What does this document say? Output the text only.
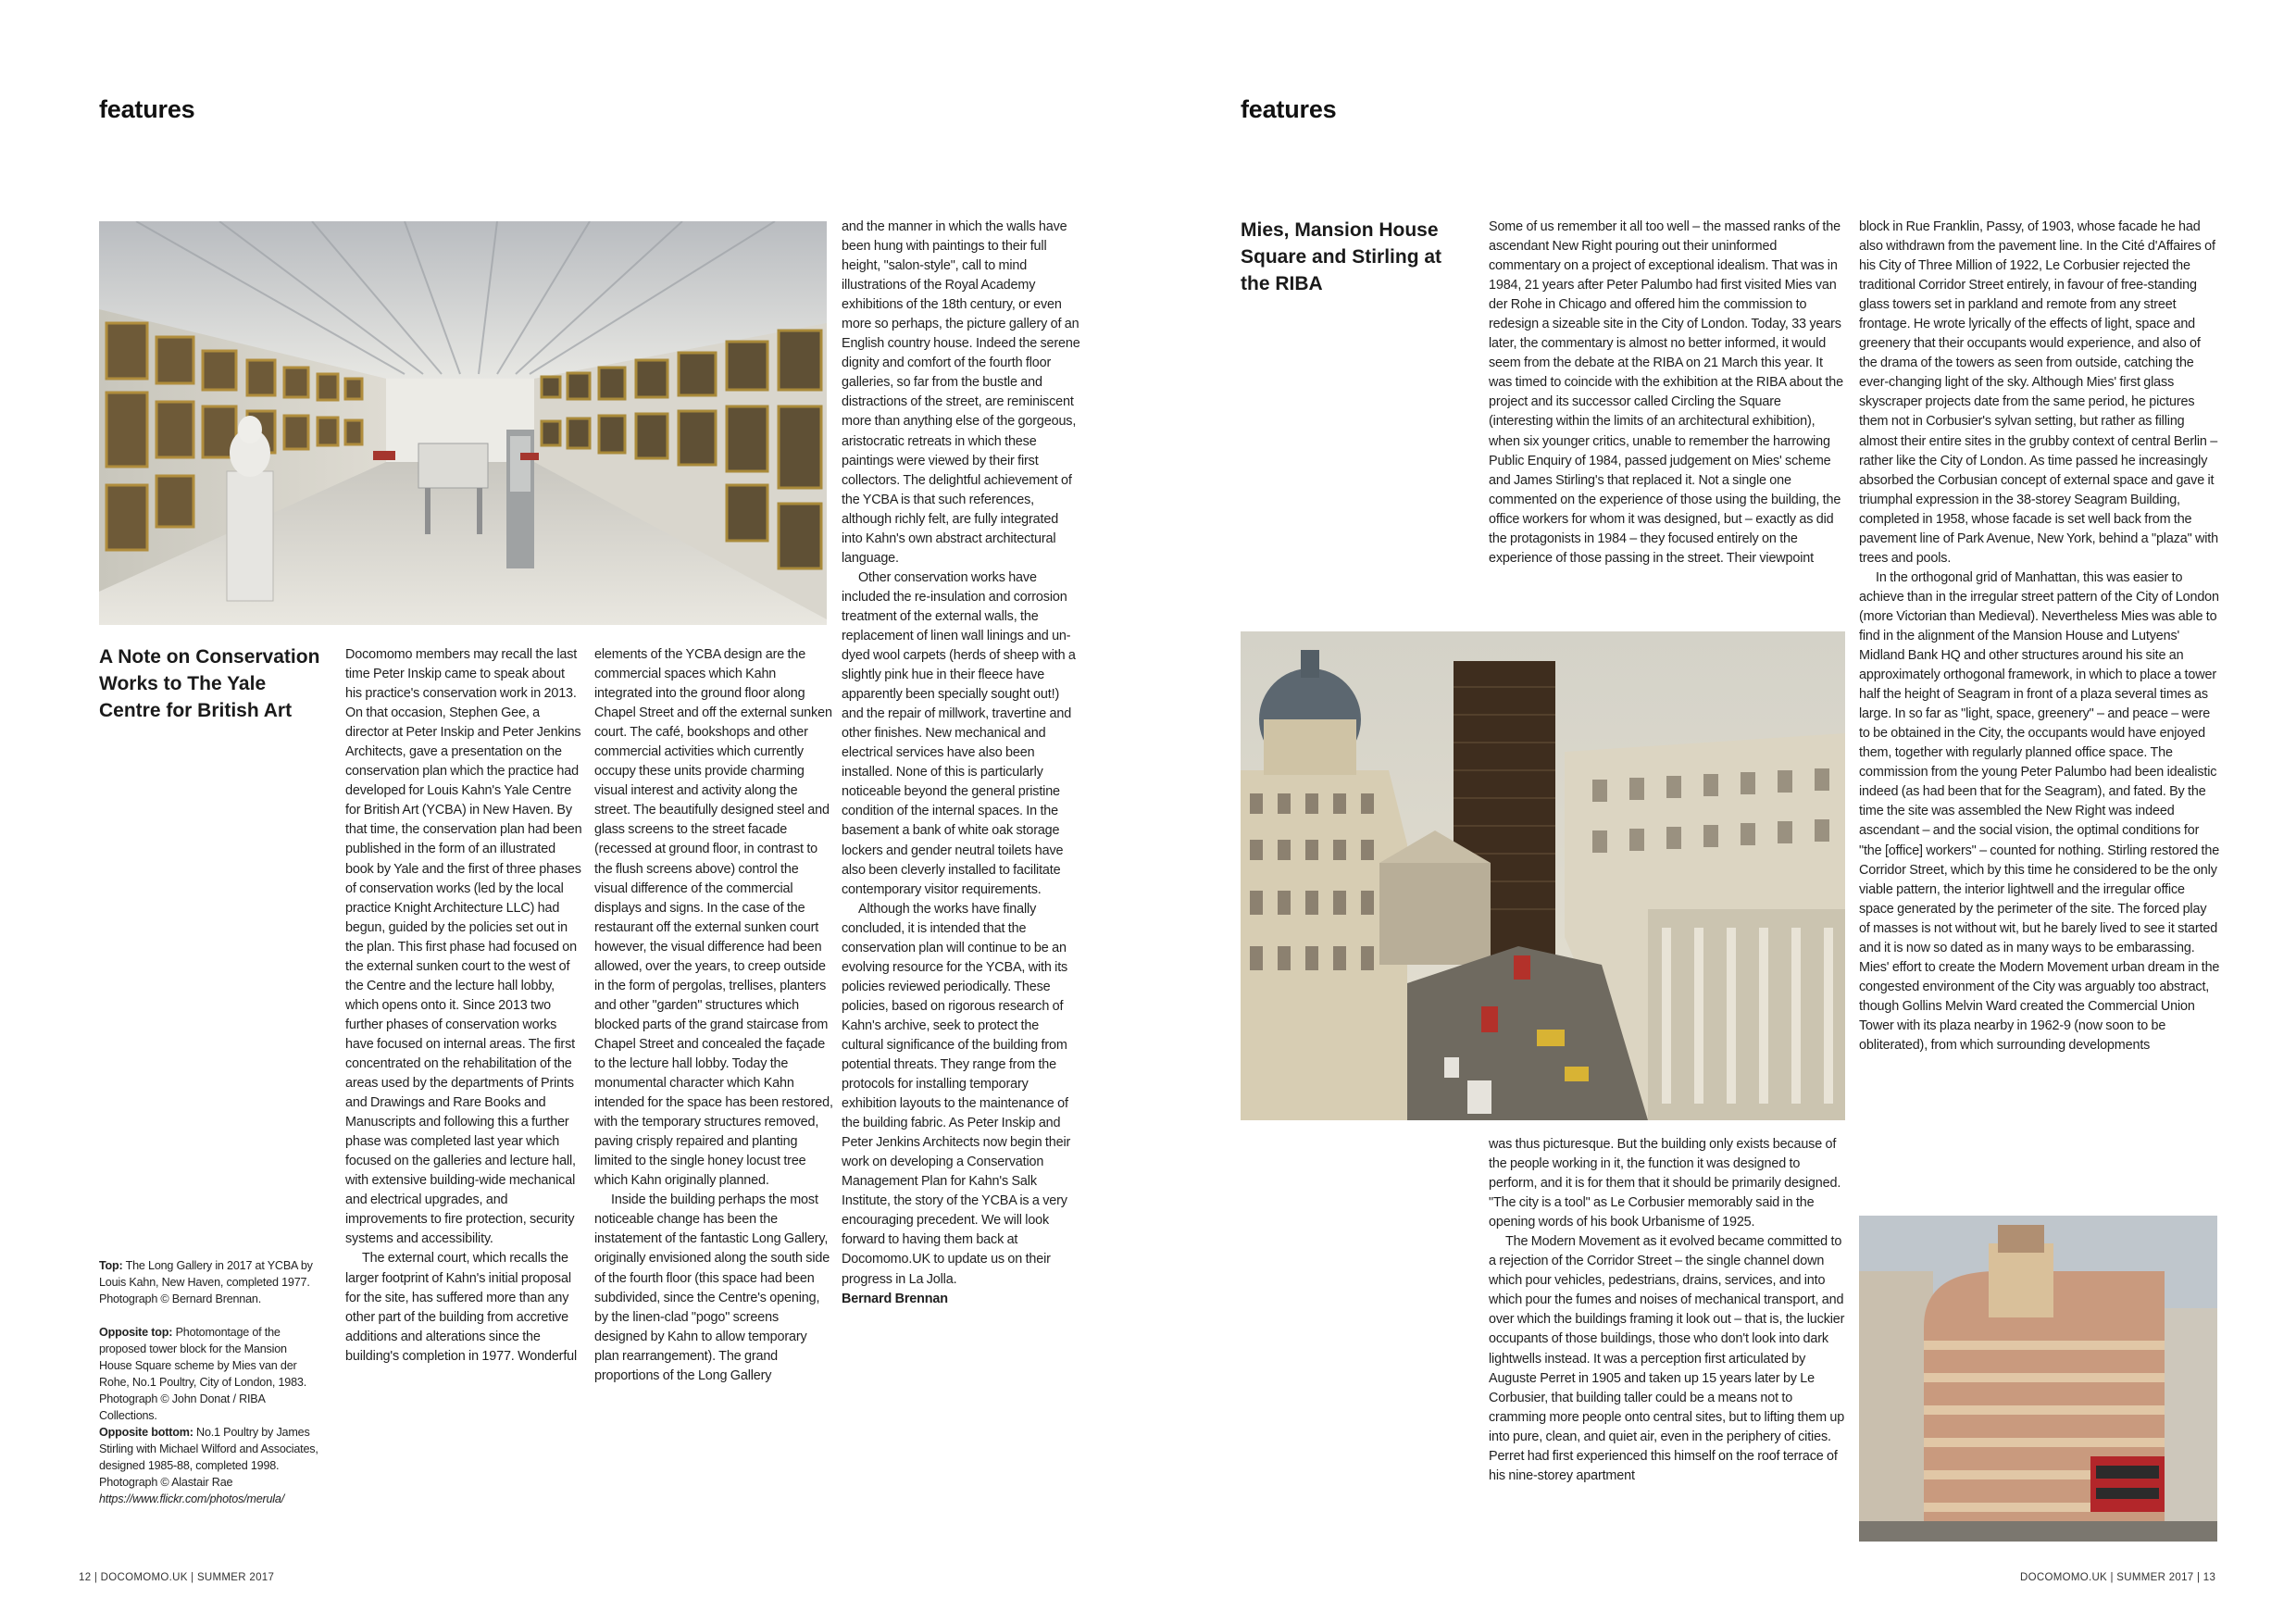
features
A Note on Conservation Works to The Yale Centre for British Art

Docomomo members may recall the last time Peter Inskip came to speak about his practice's conservation work in 2013. On that occasion, Stephen Gee, a director at Peter Inskip and Peter Jenkins Architects, gave a presentation on the conservation plan which the practice had developed for Louis Kahn's Yale Centre for British Art (YCBA) in New Haven. By that time, the conservation plan had been published in the form of an illustrated book by Yale and the first of three phases of conservation works (led by the local practice Knight Architecture LLC) had begun, guided by the policies set out in the plan. This first phase had focused on the external sunken court to the west of the Centre and the lecture hall lobby, which opens onto it. Since 2013 two further phases of conservation works have focused on internal areas. The first concentrated on the rehabilitation of the areas used by the departments of Prints and Drawings and Rare Books and Manuscripts and following this a further phase was completed last year which focused on the galleries and lecture hall, with extensive building-wide mechanical and electrical upgrades, and improvements to fire protection, security systems and accessibility.

The external court, which recalls the larger footprint of Kahn's initial proposal for the site, has suffered more than any other part of the building from accretive additions and alterations since the building's completion in 1977. Wonderful

elements of the YCBA design are the commercial spaces which Kahn integrated into the ground floor along Chapel Street and off the external sunken court. The café, bookshops and other commercial activities which currently occupy these units provide charming visual interest and activity along the street. The beautifully designed steel and glass screens to the street facade (recessed at ground floor, in contrast to the flush screens above) control the visual difference of the commercial displays and signs. In the case of the restaurant off the external sunken court however, the visual difference had been allowed, over the years, to creep outside in the form of pergolas, trellises, planters and other "garden" structures which blocked parts of the grand staircase from Chapel Street and concealed the façade to the lecture hall lobby. Today the monumental character which Kahn intended for the space has been restored, with the temporary structures removed, paving crisply repaired and planting limited to the single honey locust tree which Kahn originally planned.

Inside the building perhaps the most noticeable change has been the instatement of the fantastic Long Gallery, originally envisioned along the south side of the fourth floor (this space had been subdivided, since the Centre's opening, by the linen-clad "pogo" screens designed by Kahn to allow temporary plan rearrangement). The grand proportions of the Long Gallery

and the manner in which the walls have been hung with paintings to their full height, "salon-style", call to mind illustrations of the Royal Academy exhibitions of the 18th century, or even more so perhaps, the picture gallery of an English country house. Indeed the serene dignity and comfort of the fourth floor galleries, so far from the bustle and distractions of the street, are reminiscent more than anything else of the gorgeous, aristocratic retreats in which these paintings were viewed by their first collectors. The delightful achievement of the YCBA is that such references, although richly felt, are fully integrated into Kahn's own abstract architectural language.

Other conservation works have included the re-insulation and corrosion treatment of the external walls, the replacement of linen wall linings and un-dyed wool carpets (herds of sheep with a slightly pink hue in their fleece have apparently been specially sought out!) and the repair of millwork, travertine and other finishes. New mechanical and electrical services have also been installed. None of this is particularly noticeable beyond the general pristine condition of the internal spaces. In the basement a bank of white oak storage lockers and gender neutral toilets have also been cleverly installed to facilitate contemporary visitor requirements.

Although the works have finally concluded, it is intended that the conservation plan will continue to be an evolving resource for the YCBA, with its policies reviewed periodically. These policies, based on rigorous research of Kahn's archive, seek to protect the cultural significance of the building from potential threats. They range from the protocols for installing temporary exhibition layouts to the maintenance of the building fabric. As Peter Inskip and Peter Jenkins Architects now begin their work on developing a Conservation Management Plan for Kahn's Salk Institute, the story of the YCBA is a very encouraging precedent. We will look forward to having them back at Docomomo.UK to update us on their progress in La Jolla.

Bernard Brennan

Top: The Long Gallery in 2017 at YCBA by Louis Kahn, New Haven, completed 1977. Photograph © Bernard Brennan.

Opposite top: Photomontage of the proposed tower block for the Mansion House Square scheme by Mies van der Rohe, No.1 Poultry, City of London, 1983. Photograph © John Donat / RIBA Collections.

Opposite bottom: No.1 Poultry by James Stirling with Michael Wilford and Associates, designed 1985-88, completed 1998.

Photograph © Alastair Rae https://www.flickr.com/photos/merula/

12 | DOCOMOMO.UK | SUMMER 2017
features
Mies, Mansion House Square and Stirling at the RIBA

Some of us remember it all too well – the massed ranks of the ascendant New Right pouring out their uninformed commentary on a project of exceptional idealism. That was in 1984, 21 years after Peter Palumbo had first visited Mies van der Rohe in Chicago and offered him the commission to redesign a sizeable site in the City of London. Today, 33 years later, the commentary is almost no better informed, it would seem from the debate at the RIBA on 21 March this year. It was timed to coincide with the exhibition at the RIBA about the project and its successor called Circling the Square (interesting within the limits of an architectural exhibition), when six younger critics, unable to remember the harrowing Public Enquiry of 1984, passed judgement on Mies' scheme and James Stirling's that replaced it. Not a single one commented on the experience of those using the building, the office workers for whom it was designed, but – exactly as did the protagonists in 1984 – they focused entirely on the experience of those passing in the street. Their viewpoint

was thus picturesque. But the building only exists because of the people working in it, the function it was designed to perform, and it is for them that it should be primarily designed. "The city is a tool" as Le Corbusier memorably said in the opening words of his book Urbanisme of 1925.

The Modern Movement as it evolved became committed to a rejection of the Corridor Street – the single channel down which pour vehicles, pedestrians, drains, services, and into which pour the fumes and noises of mechanical transport, and over which the buildings framing it look out – that is, the luckier occupants of those buildings, those who don't look into dark lightwells instead. It was a perception first articulated by Auguste Perret in 1905 and taken up 15 years later by Le Corbusier, that building taller could be a means not to cramming more people onto central sites, but to lifting them up into pure, clean, and quiet air, even in the periphery of cities. Perret had first experienced this himself on the roof terrace of his nine-storey apartment

block in Rue Franklin, Passy, of 1903, whose facade he had also withdrawn from the pavement line. In the Cité d'Affaires of his City of Three Million of 1922, Le Corbusier rejected the traditional Corridor Street entirely, in favour of free-standing glass towers set in parkland and remote from any street frontage. He wrote lyrically of the effects of light, space and greenery that their occupants would experience, and also of the drama of the towers as seen from outside, catching the ever-changing light of the sky. Although Mies' first glass skyscraper projects date from the same period, he pictures them not in Corbusier's sylvan setting, but rather as filling almost their entire sites in the grubby context of central Berlin – rather like the City of London. As time passed he increasingly absorbed the Corbusian concept of external space and gave it triumphal expression in the 38-storey Seagram Building, completed in 1958, whose facade is set well back from the pavement line of Park Avenue, New York, behind a "plaza" with trees and pools.

In the orthogonal grid of Manhattan, this was easier to achieve than in the irregular street pattern of the City of London (more Victorian than Medieval). Nevertheless Mies was able to find in the alignment of the Mansion House and Lutyens' Midland Bank HQ and other structures around his site an approximately orthogonal framework, in which to place a tower half the height of Seagram in front of a plaza several times as large. In so far as "light, space, greenery" – and peace – were to be obtained in the City, the occupants would have enjoyed them, together with regularly planned office space. The commission from the young Peter Palumbo had been idealistic indeed (as had been that for the Seagram), and fated. By the time the site was assembled the New Right was indeed ascendant – and the social vision, the optimal conditions for "the [office] workers" – counted for nothing. Stirling restored the Corridor Street, which by this time he considered to be the only viable pattern, the interior lightwell and the irregular office space generated by the perimeter of the site. The forced play of masses is not without wit, but he barely lived to see it started and it is now so dated as in many ways to be embarassing. Mies' effort to create the Modern Movement urban dream in the congested environment of the City was arguably too abstract, though Gollins Melvin Ward created the Commercial Union Tower with its plaza nearby in 1962-9 (now soon to be obliterated), from which surrounding developments

DOCOMOMO.UK | SUMMER 2017 | 13
